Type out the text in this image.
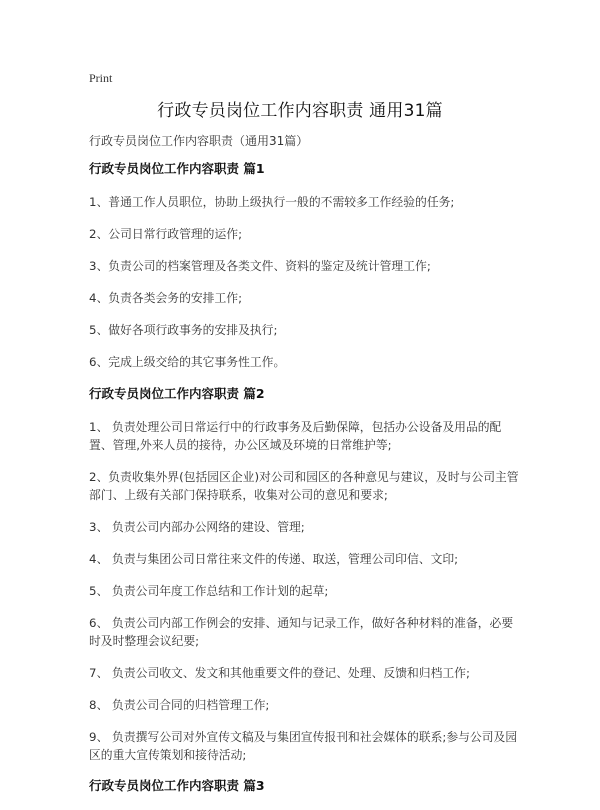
Print
行政专员岗位工作内容职责 通用31篇
行政专员岗位工作内容职责（通用31篇）
行政专员岗位工作内容职责 篇1
1、普通工作人员职位，协助上级执行一般的不需较多工作经验的任务;
2、公司日常行政管理的运作;
3、负责公司的档案管理及各类文件、资料的鉴定及统计管理工作;
4、负责各类会务的安排工作;
5、做好各项行政事务的安排及执行;
6、完成上级交给的其它事务性工作。
行政专员岗位工作内容职责 篇2
1、 负责处理公司日常运行中的行政事务及后勤保障，包括办公设备及用品的配置、管理,外来人员的接待，办公区域及环境的日常维护等;
2、负责收集外界(包括园区企业)对公司和园区的各种意见与建议，及时与公司主管部门、上级有关部门保持联系，收集对公司的意见和要求;
3、 负责公司内部办公网络的建设、管理;
4、 负责与集团公司日常往来文件的传递、取送，管理公司印信、文印;
5、 负责公司年度工作总结和工作计划的起草;
6、 负责公司内部工作例会的安排、通知与记录工作，做好各种材料的准备，必要时及时整理会议纪要;
7、 负责公司收文、发文和其他重要文件的登记、处理、反馈和归档工作;
8、 负责公司合同的归档管理工作;
9、 负责撰写公司对外宣传文稿及与集团宣传报刊和社会媒体的联系;参与公司及园区的重大宣传策划和接待活动;
行政专员岗位工作内容职责 篇3
